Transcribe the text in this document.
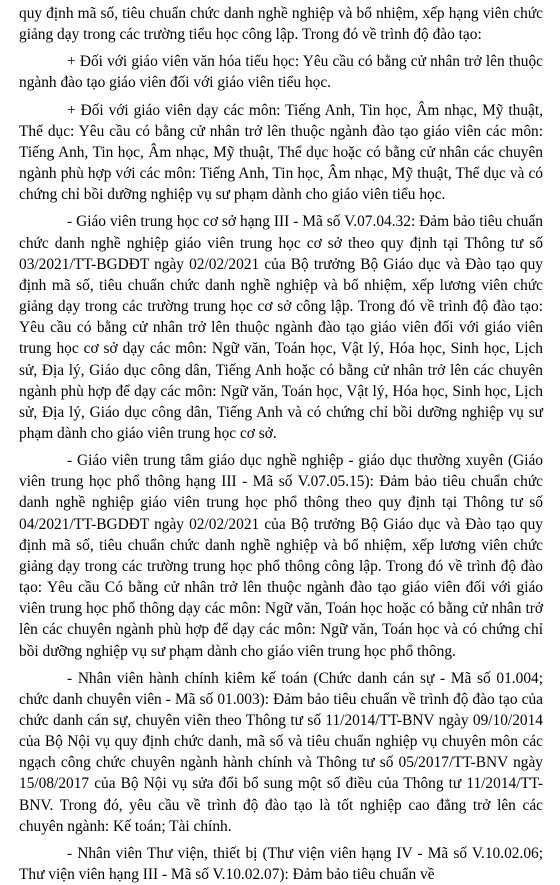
quy định mã số, tiêu chuẩn chức danh nghề nghiệp và bổ nhiệm, xếp hạng viên chức giảng dạy trong các trường tiểu học công lập. Trong đó về trình độ đào tạo:

+ Đối với giáo viên văn hóa tiểu học: Yêu cầu có bằng cử nhân trở lên thuộc ngành đào tạo giáo viên đối với giáo viên tiểu học.

+ Đối với giáo viên dạy các môn: Tiếng Anh, Tin học, Âm nhạc, Mỹ thuật, Thể dục: Yêu cầu có bằng cử nhân trở lên thuộc ngành đào tạo giáo viên các môn: Tiếng Anh, Tin học, Âm nhạc, Mỹ thuật, Thể dục hoặc có bằng cử nhân các chuyên ngành phù hợp với các môn: Tiếng Anh, Tin học, Âm nhạc, Mỹ thuật, Thể dục và có chứng chỉ bồi dưỡng nghiệp vụ sư phạm dành cho giáo viên tiểu học.

- Giáo viên trung học cơ sở hạng III - Mã số V.07.04.32: Đảm bảo tiêu chuẩn chức danh nghề nghiệp giáo viên trung học cơ sở theo quy định tại Thông tư số 03/2021/TT-BGDĐT ngày 02/02/2021 của Bộ trưởng Bộ Giáo dục và Đào tạo quy định mã số, tiêu chuẩn chức danh nghề nghiệp và bổ nhiệm, xếp lương viên chức giảng dạy trong các trường trung học cơ sở công lập. Trong đó về trình độ đào tạo: Yêu cầu có bằng cử nhân trở lên thuộc ngành đào tạo giáo viên đối với giáo viên trung học cơ sở dạy các môn: Ngữ văn, Toán học, Vật lý, Hóa học, Sinh học, Lịch sử, Địa lý, Giáo dục công dân, Tiếng Anh hoặc có bằng cử nhân trở lên các chuyên ngành phù hợp để dạy các môn: Ngữ văn, Toán học, Vật lý, Hóa học, Sinh học, Lịch sử, Địa lý, Giáo dục công dân, Tiếng Anh và có chứng chỉ bồi dưỡng nghiệp vụ sư phạm dành cho giáo viên trung học cơ sở.

- Giáo viên trung tâm giáo dục nghề nghiệp - giáo dục thường xuyên (Giáo viên trung học phổ thông hạng III - Mã số V.07.05.15): Đảm bảo tiêu chuẩn chức danh nghề nghiệp giáo viên trung học phổ thông theo quy định tại Thông tư số 04/2021/TT-BGDĐT ngày 02/02/2021 của Bộ trưởng Bộ Giáo dục và Đào tạo quy định mã số, tiêu chuẩn chức danh nghề nghiệp và bổ nhiệm, xếp lương viên chức giảng dạy trong các trường trung học phổ thông công lập. Trong đó về trình độ đào tạo: Yêu cầu Có bằng cử nhân trở lên thuộc ngành đào tạo giáo viên đối với giáo viên trung học phổ thông dạy các môn: Ngữ văn, Toán học hoặc có bằng cử nhân trở lên các chuyên ngành phù hợp để dạy các môn: Ngữ văn, Toán học và có chứng chỉ bồi dưỡng nghiệp vụ sư phạm dành cho giáo viên trung học phổ thông.

- Nhân viên hành chính kiêm kế toán (Chức danh cán sự - Mã số 01.004; chức danh chuyên viên - Mã số 01.003): Đảm bảo tiêu chuẩn về trình độ đào tạo của chức danh cán sự, chuyên viên theo Thông tư số 11/2014/TT-BNV ngày 09/10/2014 của Bộ Nội vụ quy định chức danh, mã số và tiêu chuẩn nghiệp vụ chuyên môn các ngạch công chức chuyên ngành hành chính và Thông tư số 05/2017/TT-BNV ngày 15/08/2017 của Bộ Nội vụ sửa đổi bổ sung một số điều của Thông tư 11/2014/TT-BNV. Trong đó, yêu cầu về trình độ đào tạo là tốt nghiệp cao đẳng trở lên các chuyên ngành: Kế toán; Tài chính.

- Nhân viên Thư viện, thiết bị (Thư viện viên hạng IV - Mã số V.10.02.06; Thư viện viên hạng III - Mã số V.10.02.07): Đảm bảo tiêu chuẩn về
